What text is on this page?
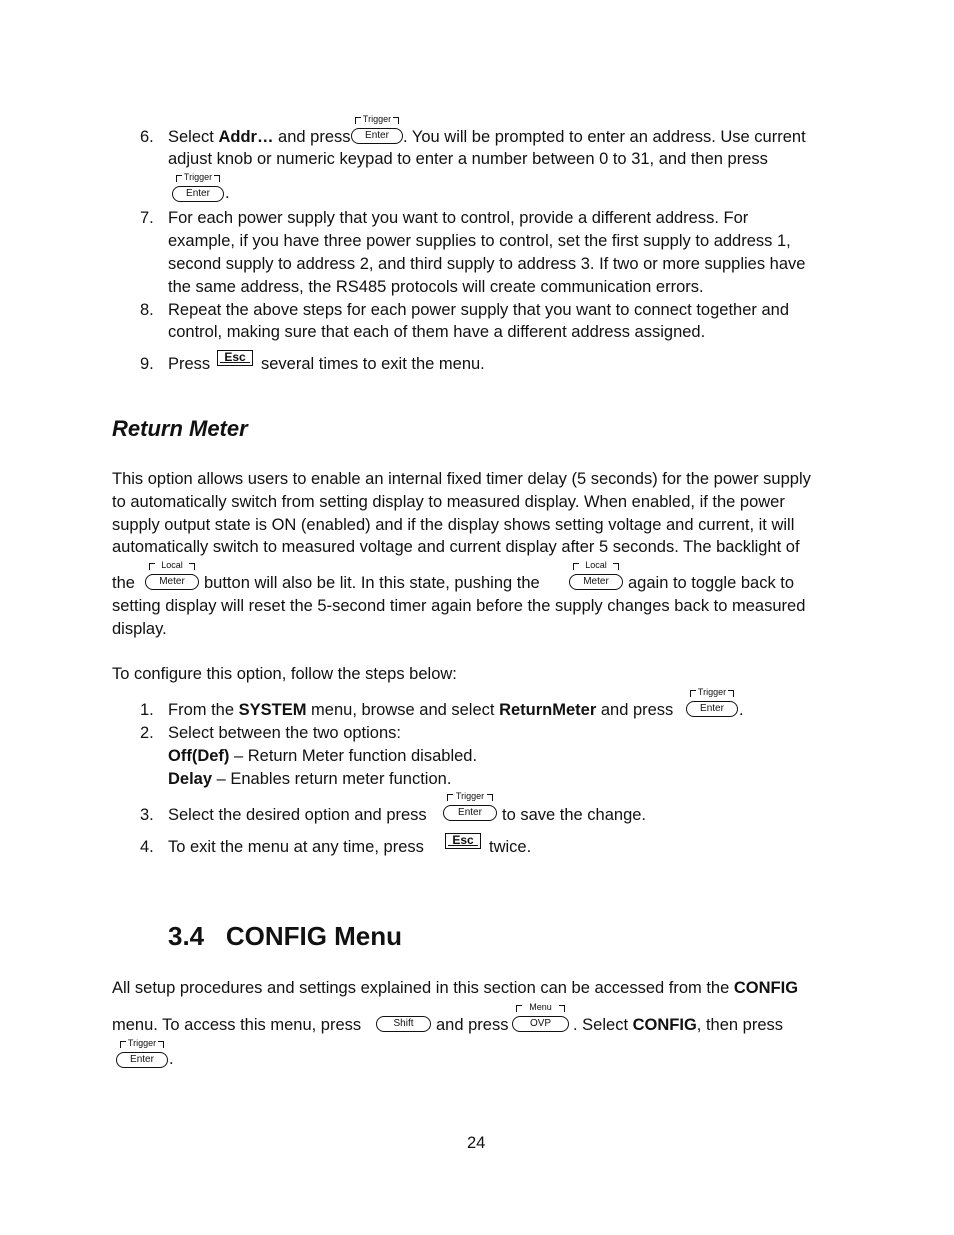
6. Select Addr… and press
Trigger
Enter . You will be prompted to enter an address. Use current
adjust knob or numeric keypad to enter a number between 0 to 31, and then press
Trigger
Enter .
7. For each power supply that you want to control, provide a different address. For
example, if you have three power supplies to control, set the first supply to address 1,
second supply to address 2, and third supply to address 3. If two or more supplies have
the same address, the RS485 protocols will create communication errors.
8. Repeat the above steps for each power supply that you want to connect together and
control, making sure that each of them have a different address assigned.
9. Press	Esc several times to exit the menu.
Return Meter
This option allows users to enable an internal fixed timer delay (5 seconds) for the power supply
to automatically switch from setting display to measured display. When enabled, if the power
supply output state is ON (enabled) and if the display shows setting voltage and current, it will
automatically switch to measured voltage and current display after 5 seconds. The backlight of
the
Local
Meter	button will also be lit. In this state, pushing the
Local
Meter	again to toggle back to
setting display will reset the 5-second timer again before the supply changes back to measured
display.
To configure this option, follow the steps below:
1. From the SYSTEM menu, browse and select ReturnMeter and press
Trigger
Enter .
2. Select between the two options:
Off(Def) – Return Meter function disabled.
Delay – Enables return meter function.
3. Select the desired option and press
Trigger
Enter	to save the change.
4. To exit the menu at any time, press	Esc twice.
3.4   CONFIG Menu
All setup procedures and settings explained in this section can be accessed from the CONFIG
menu. To access this menu, press	Shift	and press
Menu
OVP	. Select CONFIG, then press
Trigger
Enter .
24
